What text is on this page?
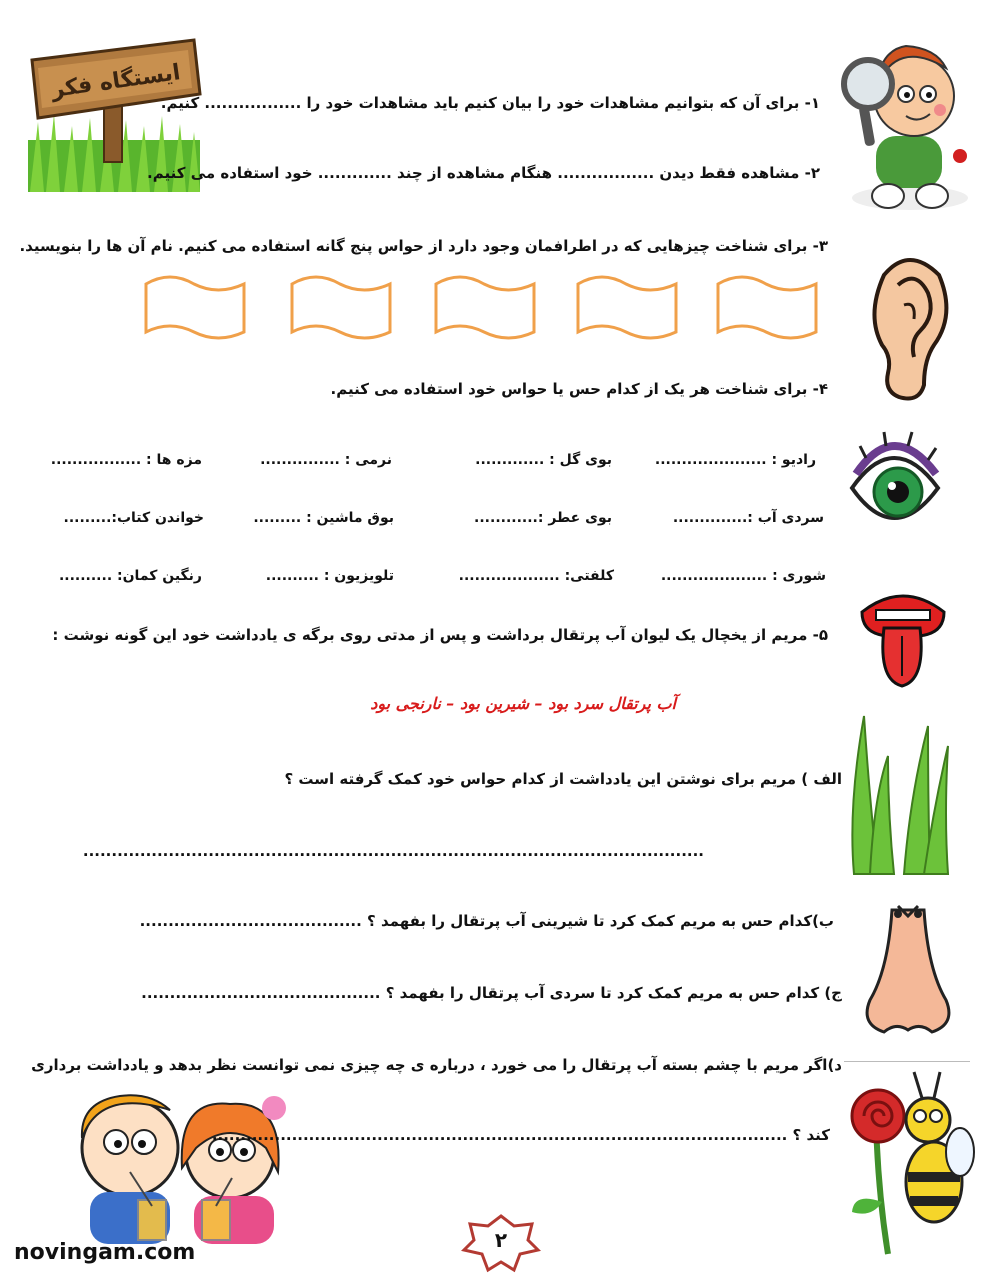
ایستگاه فکر
۱- برای آن که بتوانیم مشاهدات خود را بیان کنیم باید مشاهدات خود را ................. کنیم.
۲- مشاهده فقط دیدن ................. هنگام مشاهده از چند ............. خود استفاده می کنیم.
۳- برای شناخت چیزهایی که در اطرافمان وجود دارد از حواس پنج گانه استفاده می کنیم. نام آن ها را بنویسید.
۴- برای شناخت هر یک از کدام حس یا حواس خود استفاده می کنیم.
رادیو : .....................
بوی گل : .............
نرمی : ...............
مزه ها : .................
سردی آب :..............
بوی عطر :............
بوق ماشین : .........
خواندن کتاب:.........
شوری : ....................
کلفتی: ...................
تلویزیون : ..........
رنگین کمان: ..........
۵- مریم از یخچال یک لیوان آب پرتقال برداشت و پس از مدتی روی برگه ی یادداشت خود این گونه نوشت :
آب پرتقال سرد بود – شیرین بود – نارنجی بود
الف ) مریم برای نوشتن این یادداشت از کدام حواس خود کمک گرفته است ؟
.............................................................................................................
ب)کدام حس به مریم کمک کرد تا شیرینی آب پرتقال را بفهمد ؟ .......................................
ج) کدام حس به مریم کمک کرد تا سردی آب پرتقال را بفهمد ؟ ..........................................
د)اگر مریم با چشم بسته آب پرتقال را می خورد ، درباره ی چه چیزی نمی توانست نظر بدهد و یادداشت برداری
کند ؟ .....................................................................................................
۲
novingam.com
